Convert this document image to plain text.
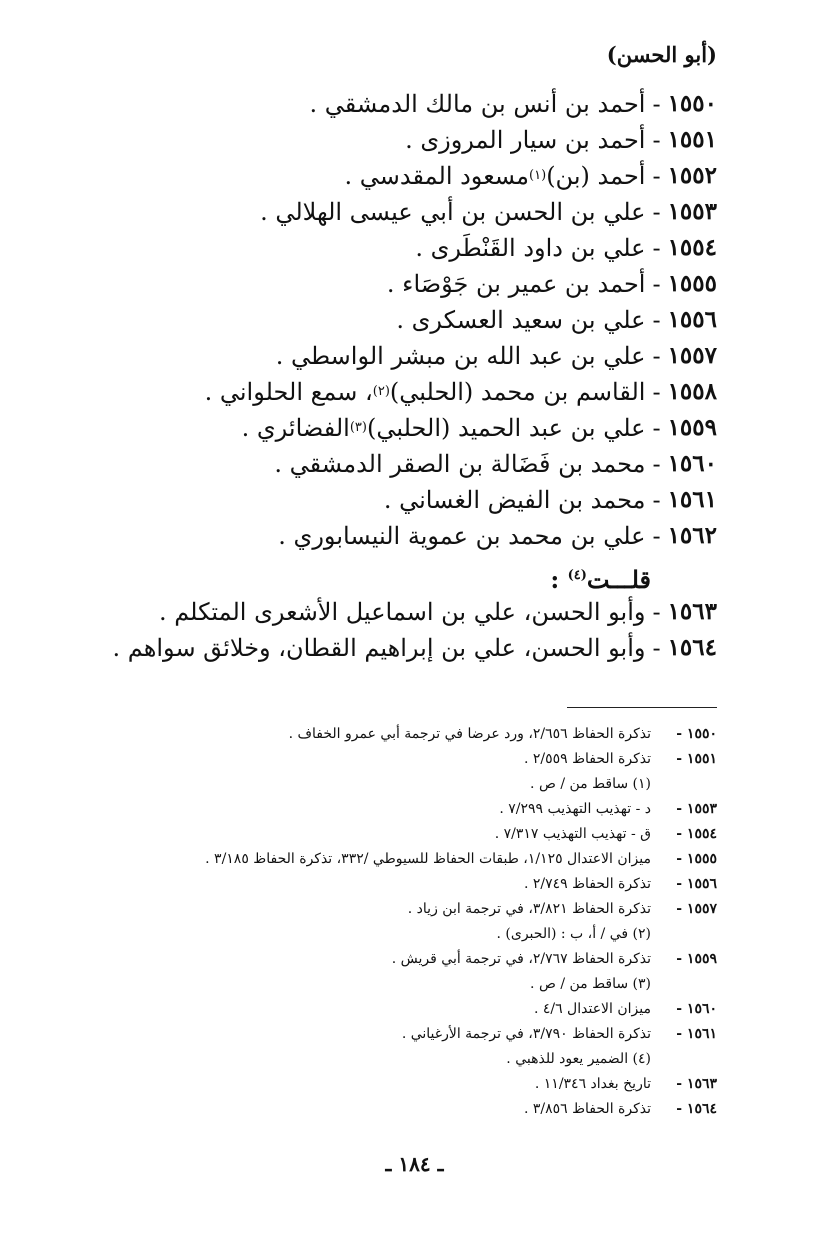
(أبو الحسن)
١٥٥٠
-
أحمد بن أنس بن مالك الدمشقي .
١٥٥١
-
أحمد بن سيار المروزى .
١٥٥٢
-
أحمد (بن)
(١)
مسعود المقدسي .
١٥٥٣
-
علي بن الحسن بن أبي عيسى الهلالي .
١٥٥٤
-
علي بن داود القَنْطَرى .
١٥٥٥
-
أحمد بن عمير بن جَوْصَاء .
١٥٥٦
-
علي بن سعيد العسكرى .
١٥٥٧
-
علي بن عبد الله بن مبشر الواسطي .
١٥٥٨
-
القاسم بن محمد (الحلبي)
(٢)
، سمع الحلواني .
١٥٥٩
-
علي بن عبد الحميد (الحلبي)
(٣)
الفضائري .
١٥٦٠
-
محمد بن فَضَالة بن الصقر الدمشقي .
١٥٦١
-
محمد بن الفيض الغساني .
١٥٦٢
-
علي بن محمد بن عموية النيسابوري .
قلـــت$^{(٤)}$ :
١٥٦٣
-
وأبو الحسن، علي بن اسماعيل الأشعرى المتكلم .
١٥٦٤
-
وأبو الحسن، علي بن إبراهيم القطان، وخلائق سواهم .
١٥٥٠ -
تذكرة الحفاظ ٢/٦٥٦، ورد عرضا في ترجمة أبي عمرو الخفاف .
١٥٥١ -
تذكرة الحفاظ ٢/٥٥٩ .
(١) ساقط من / ص .
١٥٥٣ -
د - تهذيب التهذيب ٧/٢٩٩ .
١٥٥٤ -
ق - تهذيب التهذيب ٧/٣١٧ .
١٥٥٥ -
ميزان الاعتدال ١/١٢٥، طبقات الحفاظ للسيوطي /٣٣٢، تذكرة الحفاظ ٣/١٨٥ .
١٥٥٦ -
تذكرة الحفاظ ٢/٧٤٩ .
١٥٥٧ -
تذكرة الحفاظ ٣/٨٢١، في ترجمة ابن زياد .
(٢) في / أ، ب : (الحبرى) .
١٥٥٩ -
تذكرة الحفاظ ٢/٧٦٧، في ترجمة أبي قريش .
(٣) ساقط من / ص .
١٥٦٠ -
ميزان الاعتدال ٤/٦ .
١٥٦١ -
تذكرة الحفاظ ٣/٧٩٠، في ترجمة الأرغياني .
(٤) الضمير يعود للذهبي .
١٥٦٣ -
تاريخ بغداد ١١/٣٤٦ .
١٥٦٤ -
تذكرة الحفاظ ٣/٨٥٦ .
ـ ١٨٤ ـ
